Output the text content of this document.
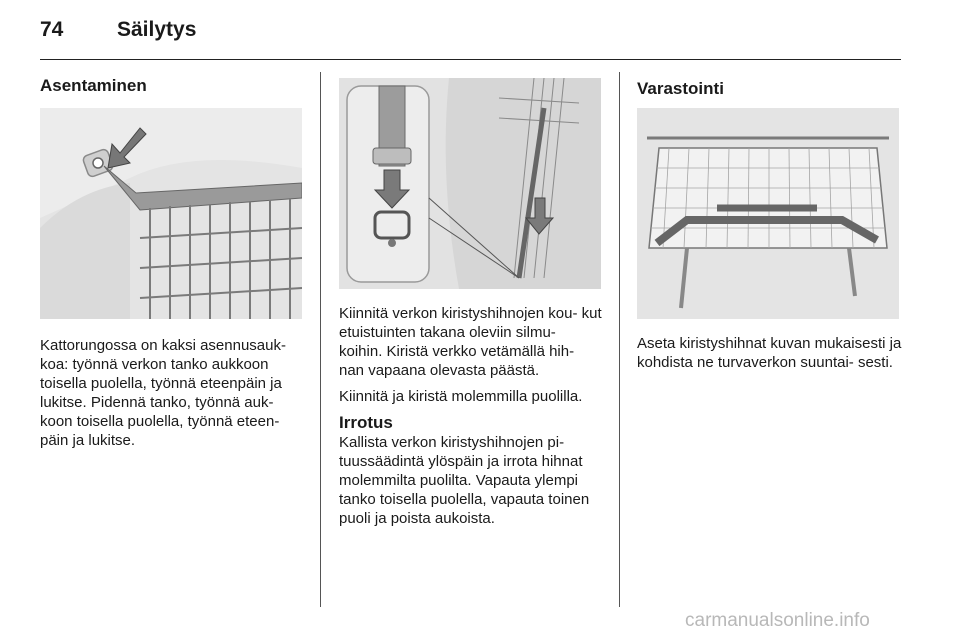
74	Säilytys
Asentaminen
Kattorungossa on kaksi asennusauk- koa: työnnä verkon tanko aukkoon toisella puolella, työnnä eteenpäin ja lukitse. Pidennä tanko, työnnä auk- koon toisella puolella, työnnä eteen- päin ja lukitse.

Kiinnitä verkon kiristyshihnojen kou- kut etuistuinten takana oleviin silmu- koihin. Kiristä verkko vetämällä hih- nan vapaana olevasta päästä.

Kiinnitä ja kiristä molemmilla puolilla.

Irrotus

Kallista verkon kiristyshihnojen pi- tuussäädintä ylöspäin ja irrota hihnat molemmilta puolilta. Vapauta ylempi tanko toisella puolella, vapauta toinen puoli ja poista aukoista.

Varastointi
Aseta kiristyshihnat kuvan mukaisesti ja kohdista ne turvaverkon suuntai- sesti.
carmanualsonline.info
